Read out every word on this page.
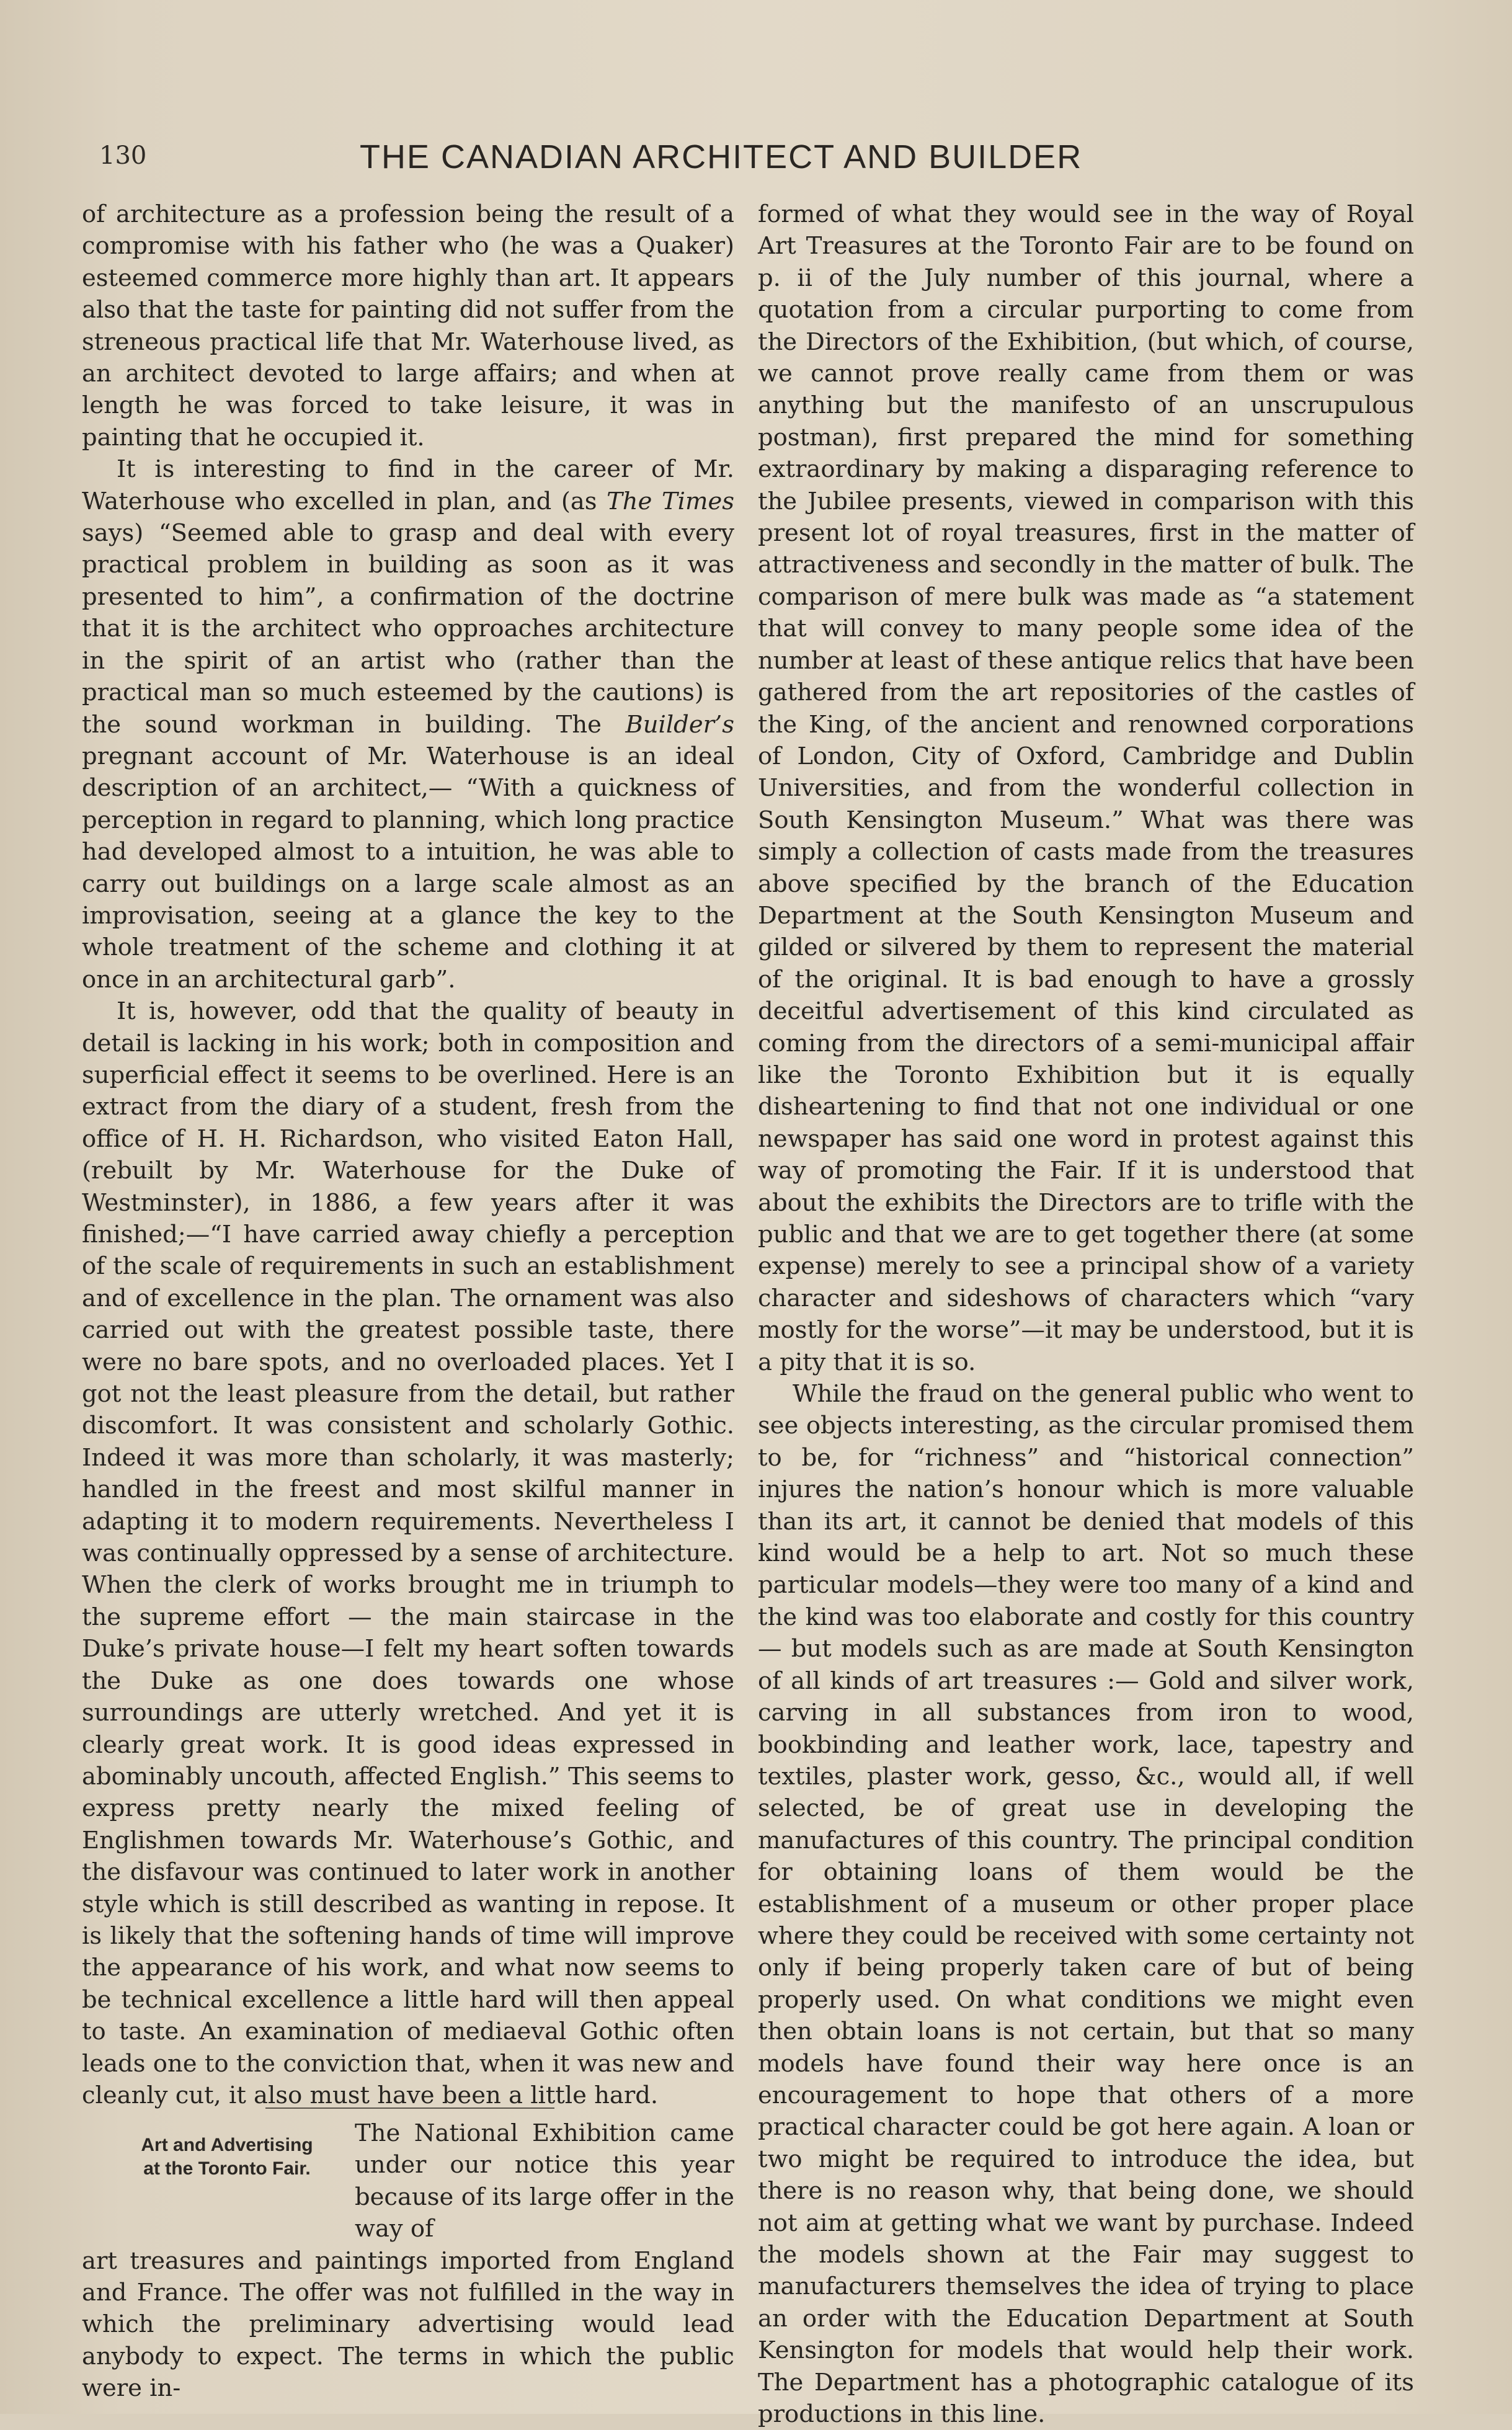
130	THE CANADIAN ARCHITECT AND BUILDER

of architecture as a profession being the result of a compromise with his father who (he was a Quaker) esteemed commerce more highly than art. It appears also that the taste for painting did not suffer from the streneous practical life that Mr. Waterhouse lived, as an architect devoted to large affairs; and when at length he was forced to take leisure, it was in painting that he occupied it.

It is interesting to find in the career of Mr. Waterhouse who excelled in plan, and (as The Times says) “Seemed able to grasp and deal with every practical problem in building as soon as it was presented to him”, a confirmation of the doctrine that it is the architect who opproaches architecture in the spirit of an artist who (rather than the practical man so much esteemed by the cautions) is the sound workman in building. The Builder’s pregnant account of Mr. Waterhouse is an ideal description of an architect,— “With a quickness of perception in regard to planning, which long practice had developed almost to a intuition, he was able to carry out buildings on a large scale almost as an improvisation, seeing at a glance the key to the whole treatment of the scheme and clothing it at once in an architectural garb”.

It is, however, odd that the quality of beauty in detail is lacking in his work; both in composition and superficial effect it seems to be overlined. Here is an extract from the diary of a student, fresh from the office of H. H. Richardson, who visited Eaton Hall, (rebuilt by Mr. Waterhouse for the Duke of Westminster), in 1886, a few years after it was finished;—“I have carried away chiefly a perception of the scale of requirements in such an establishment and of excellence in the plan. The ornament was also carried out with the greatest possible taste, there were no bare spots, and no overloaded places. Yet I got not the least pleasure from the detail, but rather discomfort. It was consistent and scholarly Gothic. Indeed it was more than scholarly, it was masterly; handled in the freest and most skilful manner in adapting it to modern requirements. Nevertheless I was continually oppressed by a sense of architecture. When the clerk of works brought me in triumph to the supreme effort — the main staircase in the Duke’s private house—I felt my heart soften towards the Duke as one does towards one whose surroundings are utterly wretched. And yet it is clearly great work. It is good ideas expressed in abominably uncouth, affected English.” This seems to express pretty nearly the mixed feeling of Englishmen towards Mr. Waterhouse’s Gothic, and the disfavour was continued to later work in another style which is still described as wanting in repose. It is likely that the softening hands of time will improve the appearance of his work, and what now seems to be technical excellence a little hard will then appeal to taste. An examination of mediaeval Gothic often leads one to the conviction that, when it was new and cleanly cut, it also must have been a little hard.

Art and Advertising
at the Toronto Fair.
The National Exhibition came under our notice this year because of its large offer in the way of
art treasures and paintings imported from England and France. The offer was not fulfilled in the way in which the preliminary advertising would lead anybody to expect. The terms in which the public were in-

formed of what they would see in the way of Royal Art Treasures at the Toronto Fair are to be found on p. ii of the July number of this journal, where a quotation from a circular purporting to come from the Directors of the Exhibition, (but which, of course, we cannot prove really came from them or was anything but the manifesto of an unscrupulous postman), first prepared the mind for something extraordinary by making a disparaging reference to the Jubilee presents, viewed in comparison with this present lot of royal treasures, first in the matter of attractiveness and secondly in the matter of bulk. The comparison of mere bulk was made as “a statement that will convey to many people some idea of the number at least of these antique relics that have been gathered from the art repositories of the castles of the King, of the ancient and renowned corporations of London, City of Oxford, Cambridge and Dublin Universities, and from the wonderful collection in South Kensington Museum.” What was there was simply a collection of casts made from the treasures above specified by the branch of the Education Department at the South Kensington Museum and gilded or silvered by them to represent the material of the original. It is bad enough to have a grossly deceitful advertisement of this kind circulated as coming from the directors of a semi-municipal affair like the Toronto Exhibition but it is equally disheartening to find that not one individual or one newspaper has said one word in protest against this way of promoting the Fair. If it is understood that about the exhibits the Directors are to trifle with the public and that we are to get together there (at some expense) merely to see a principal show of a variety character and sideshows of characters which “vary mostly for the worse”—it may be understood, but it is a pity that it is so.

While the fraud on the general public who went to see objects interesting, as the circular promised them to be, for “richness” and “historical connection” injures the nation’s honour which is more valuable than its art, it cannot be denied that models of this kind would be a help to art. Not so much these particular models—they were too many of a kind and the kind was too elaborate and costly for this country— but models such as are made at South Kensington of all kinds of art treasures :— Gold and silver work, carving in all substances from iron to wood, bookbinding and leather work, lace, tapestry and textiles, plaster work, gesso, &c., would all, if well selected, be of great use in developing the manufactures of this country. The principal condition for obtaining loans of them would be the establishment of a museum or other proper place where they could be received with some certainty not only if being properly taken care of but of being properly used. On what conditions we might even then obtain loans is not certain, but that so many models have found their way here once is an encouragement to hope that others of a more practical character could be got here again. A loan or two might be required to introduce the idea, but there is no reason why, that being done, we should not aim at getting what we want by purchase. Indeed the models shown at the Fair may suggest to manufacturers themselves the idea of trying to place an order with the Education Department at South Kensington for models that would help their work. The Department has a photographic catalogue of its productions in this line.
